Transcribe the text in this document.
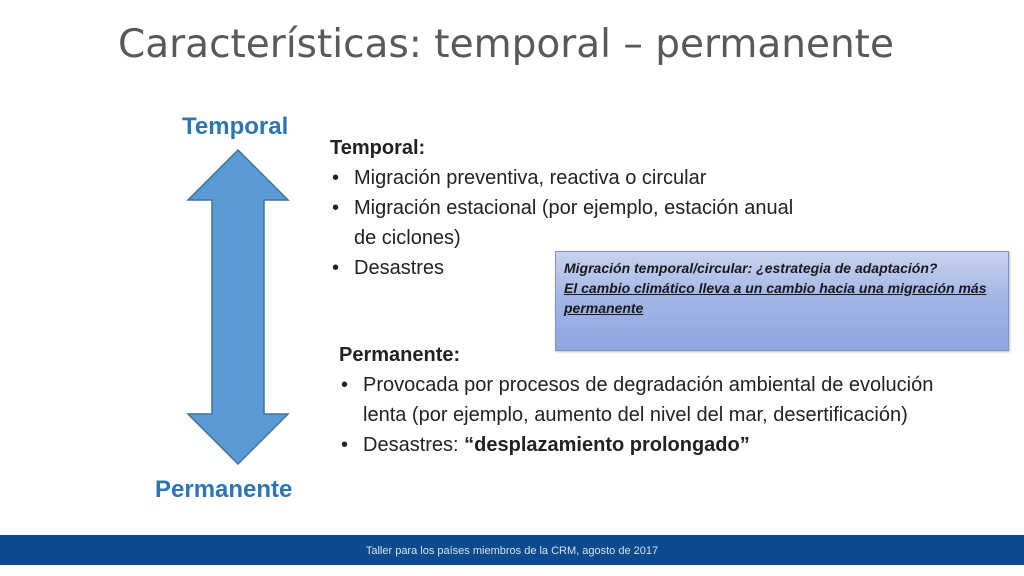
Características: temporal – permanente
Temporal
Permanente
Temporal:
• Migración preventiva, reactiva o circular
• Migración estacional (por ejemplo, estación anual de ciclones)
• Desastres	Migración temporal/circular: ¿estrategia de adaptación?
El cambio climático lleva a un cambio hacia una migración más permanente
Permanente:
• Provocada por procesos de degradación ambiental de evolución lenta (por ejemplo, aumento del nivel del mar, desertificación)
• Desastres: “desplazamiento prolongado”
Taller para los países miembros de la CRM, agosto de 2017
